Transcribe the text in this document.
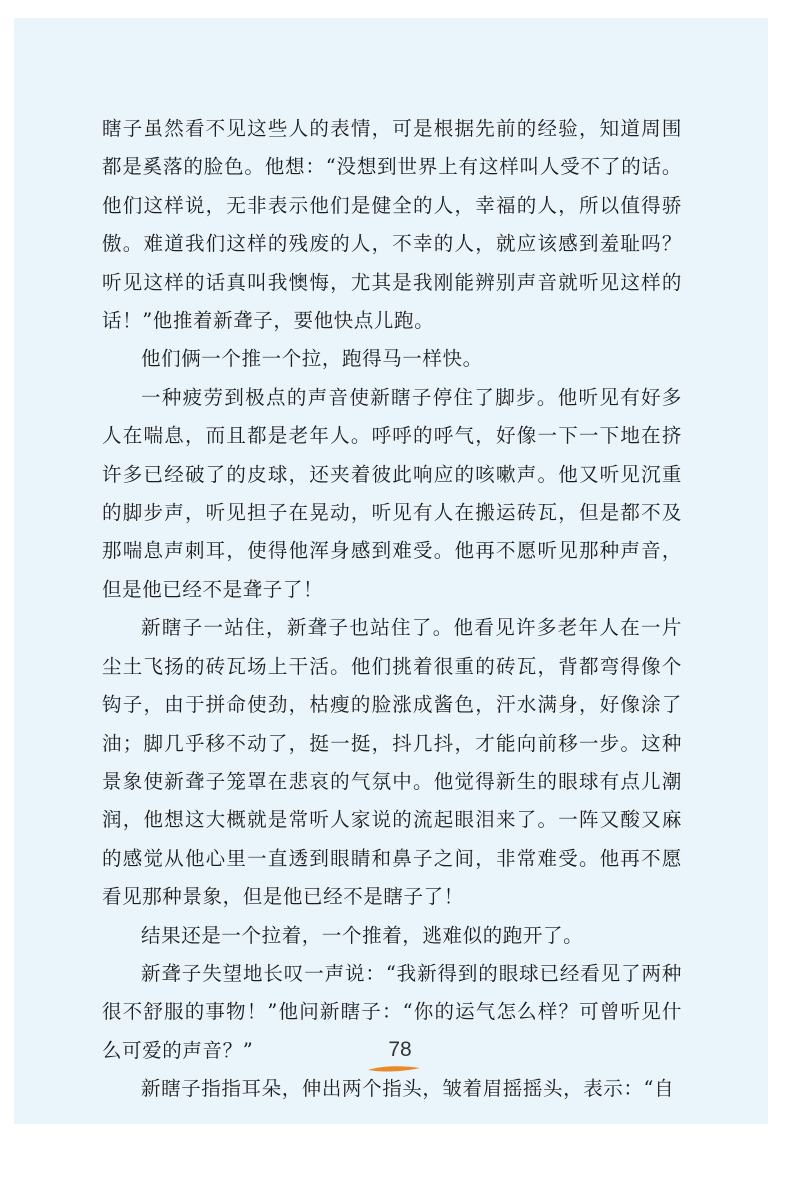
瞎子虽然看不见这些人的表情，可是根据先前的经验，知道周围都是奚落的脸色。他想：“没想到世界上有这样叫人受不了的话。他们这样说，无非表示他们是健全的人，幸福的人，所以值得骄傲。难道我们这样的残废的人，不幸的人，就应该感到羞耻吗？听见这样的话真叫我懊悔，尤其是我刚能辨别声音就听见这样的话！”他推着新聋子，要他快点儿跑。

他们俩一个推一个拉，跑得马一样快。

一种疲劳到极点的声音使新瞎子停住了脚步。他听见有好多人在喘息，而且都是老年人。呼呼的呼气，好像一下一下地在挤许多已经破了的皮球，还夹着彼此响应的咳嗽声。他又听见沉重的脚步声，听见担子在晃动，听见有人在搬运砖瓦，但是都不及那喘息声刺耳，使得他浑身感到难受。他再不愿听见那种声音，但是他已经不是聋子了！

新瞎子一站住，新聋子也站住了。他看见许多老年人在一片尘土飞扬的砖瓦场上干活。他们挑着很重的砖瓦，背都弯得像个钩子，由于拼命使劲，枯瘦的脸涨成酱色，汗水满身，好像涂了油；脚几乎移不动了，挺一挺，抖几抖，才能向前移一步。这种景象使新聋子笼罩在悲哀的气氛中。他觉得新生的眼球有点儿潮润，他想这大概就是常听人家说的流起眼泪来了。一阵又酸又麻的感觉从他心里一直透到眼睛和鼻子之间，非常难受。他再不愿看见那种景象，但是他已经不是瞎子了！

结果还是一个拉着，一个推着，逃难似的跑开了。

新聋子失望地长叹一声说：“我新得到的眼球已经看见了两种很不舒服的事物！”他问新瞎子：“你的运气怎么样？可曾听见什么可爱的声音？”

新瞎子指指耳朵，伸出两个指头，皱着眉摇摇头，表示：“自

78
